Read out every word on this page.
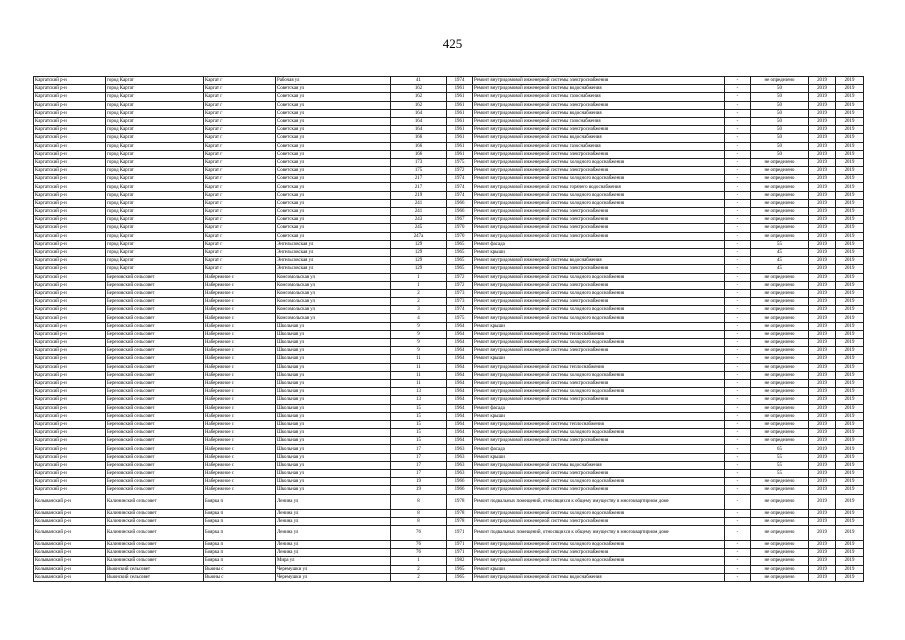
425
Каргатский р-н	город Каргат	Каргат г	Рабочая ул	41	1974	Ремонт внутридомовой инженерной системы электроснабжения	-	не определено	2019	2019
Каргатский р-н	город Каргат	Каргат г	Советская ул	162	1961	Ремонт внутридомовой инженерной системы водоснабжения	-	50	2019	2019
Каргатский р-н	город Каргат	Каргат г	Советская ул	162	1961	Ремонт внутридомовой инженерной системы газоснабжения	-	50	2019	2019
Каргатский р-н	город Каргат	Каргат г	Советская ул	162	1961	Ремонт внутридомовой инженерной системы электроснабжения	-	50	2019	2019
Каргатский р-н	город Каргат	Каргат г	Советская ул	164	1961	Ремонт внутридомовой инженерной системы водоснабжения	-	50	2019	2019
Каргатский р-н	город Каргат	Каргат г	Советская ул	164	1961	Ремонт внутридомовой инженерной системы газоснабжения	-	50	2019	2019
Каргатский р-н	город Каргат	Каргат г	Советская ул	164	1961	Ремонт внутридомовой инженерной системы электроснабжения	-	50	2019	2019
Каргатский р-н	город Каргат	Каргат г	Советская ул	166	1961	Ремонт внутридомовой инженерной системы водоснабжения	-	50	2019	2019
Каргатский р-н	город Каргат	Каргат г	Советская ул	166	1961	Ремонт внутридомовой инженерной системы газоснабжения	-	50	2019	2019
Каргатский р-н	город Каргат	Каргат г	Советская ул	166	1961	Ремонт внутридомовой инженерной системы электроснабжения	-	50	2019	2019
Каргатский р-н	город Каргат	Каргат г	Советская ул	173	1975	Ремонт внутридомовой инженерной системы холодного водоснабжения	-	не определено	2019	2019
Каргатский р-н	город Каргат	Каргат г	Советская ул	175	1972	Ремонт внутридомовой инженерной системы электроснабжения	-	не определено	2019	2019
Каргатский р-н	город Каргат	Каргат г	Советская ул	217	1974	Ремонт внутридомовой инженерной системы холодного водоснабжения	-	не определено	2019	2019
Каргатский р-н	город Каргат	Каргат г	Советская ул	217	1974	Ремонт внутридомовой инженерной системы горячего водоснабжения	-	не определено	2019	2019
Каргатский р-н	город Каргат	Каргат г	Советская ул	219	1974	Ремонт внутридомовой инженерной системы холодного водоснабжения	-	не определено	2019	2019
Каргатский р-н	город Каргат	Каргат г	Советская ул	241	1966	Ремонт внутридомовой инженерной системы холодного водоснабжения	-	не определено	2019	2019
Каргатский р-н	город Каргат	Каргат г	Советская ул	241	1966	Ремонт внутридомовой инженерной системы электроснабжения	-	не определено	2019	2019
Каргатский р-н	город Каргат	Каргат г	Советская ул	243	1967	Ремонт внутридомовой инженерной системы электроснабжения	-	не определено	2019	2019
Каргатский р-н	город Каргат	Каргат г	Советская ул	245	1970	Ремонт внутридомовой инженерной системы электроснабжения	-	не определено	2019	2019
Каргатский р-н	город Каргат	Каргат г	Советская ул	247а	1970	Ремонт внутридомовой инженерной системы электроснабжения	-	не определено	2019	2019
Каргатский р-н	город Каргат	Каргат г	Энгельсовская ул	129	1965	Ремонт фасада	-	55	2019	2019
Каргатский р-н	город Каргат	Каргат г	Энгельсовская ул	129	1965	Ремонт крыши	-	45	2019	2019
Каргатский р-н	город Каргат	Каргат г	Энгельсовская ул	129	1965	Ремонт внутридомовой инженерной системы водоснабжения	-	45	2019	2019
Каргатский р-н	город Каргат	Каргат г	Энгельсовская ул	129	1965	Ремонт внутридомовой инженерной системы электроснабжения	-	45	2019	2019
Каргатский р-н	Березовский сельсовет	Набережное с	Комсомольская ул	1	1972	Ремонт внутридомовой инженерной системы холодного водоснабжения	-	не определено	2019	2019
Каргатский р-н	Березовский сельсовет	Набережное с	Комсомольская ул	1	1972	Ремонт внутридомовой инженерной системы электроснабжения	-	не определено	2019	2019
Каргатский р-н	Березовский сельсовет	Набережное с	Комсомольская ул	2	1973	Ремонт внутридомовой инженерной системы холодного водоснабжения	-	не определено	2019	2019
Каргатский р-н	Березовский сельсовет	Набережное с	Комсомольская ул	2	1973	Ремонт внутридомовой инженерной системы электроснабжения	-	не определено	2019	2019
Каргатский р-н	Березовский сельсовет	Набережное с	Комсомольская ул	3	1974	Ремонт внутридомовой инженерной системы холодного водоснабжения	-	не определено	2019	2019
Каргатский р-н	Березовский сельсовет	Набережное с	Комсомольская ул	4	1975	Ремонт внутридомовой инженерной системы холодного водоснабжения	-	не определено	2019	2019
Каргатский р-н	Березовский сельсовет	Набережное с	Школьная ул	9	1964	Ремонт крыши	-	не определено	2019	2019
Каргатский р-н	Березовский сельсовет	Набережное с	Школьная ул	9	1964	Ремонт внутридомовой инженерной системы теплоснабжения	-	не определено	2019	2019
Каргатский р-н	Березовский сельсовет	Набережное с	Школьная ул	9	1964	Ремонт внутридомовой инженерной системы холодного водоснабжения	-	не определено	2019	2019
Каргатский р-н	Березовский сельсовет	Набережное с	Школьная ул	9	1964	Ремонт внутридомовой инженерной системы электроснабжения	-	не определено	2019	2019
Каргатский р-н	Березовский сельсовет	Набережное с	Школьная ул	11	1964	Ремонт крыши	-	не определено	2019	2019
Каргатский р-н	Березовский сельсовет	Набережное с	Школьная ул	11	1964	Ремонт внутридомовой инженерной системы теплоснабжения	-	не определено	2019	2019
Каргатский р-н	Березовский сельсовет	Набережное с	Школьная ул	11	1964	Ремонт внутридомовой инженерной системы холодного водоснабжения	-	не определено	2019	2019
Каргатский р-н	Березовский сельсовет	Набережное с	Школьная ул	11	1964	Ремонт внутридомовой инженерной системы электроснабжения	-	не определено	2019	2019
Каргатский р-н	Березовский сельсовет	Набережное с	Школьная ул	13	1964	Ремонт внутридомовой инженерной системы холодного водоснабжения	-	не определено	2019	2019
Каргатский р-н	Березовский сельсовет	Набережное с	Школьная ул	13	1964	Ремонт внутридомовой инженерной системы электроснабжения	-	не определено	2019	2019
Каргатский р-н	Березовский сельсовет	Набережное с	Школьная ул	15	1964	Ремонт фасада	-	не определено	2019	2019
Каргатский р-н	Березовский сельсовет	Набережное с	Школьная ул	15	1964	Ремонт крыши	-	не определено	2019	2019
Каргатский р-н	Березовский сельсовет	Набережное с	Школьная ул	15	1964	Ремонт внутридомовой инженерной системы теплоснабжения	-	не определено	2019	2019
Каргатский р-н	Березовский сельсовет	Набережное с	Школьная ул	15	1964	Ремонт внутридомовой инженерной системы холодного водоснабжения	-	не определено	2019	2019
Каргатский р-н	Березовский сельсовет	Набережное с	Школьная ул	15	1964	Ремонт внутридомовой инженерной системы электроснабжения	-	не определено	2019	2019
Каргатский р-н	Березовский сельсовет	Набережное с	Школьная ул	17	1963	Ремонт фасада	-	65	2019	2019
Каргатский р-н	Березовский сельсовет	Набережное с	Школьная ул	17	1963	Ремонт крыши	-	55	2019	2019
Каргатский р-н	Березовский сельсовет	Набережное с	Школьная ул	17	1963	Ремонт внутридомовой инженерной системы водоснабжения	-	55	2019	2019
Каргатский р-н	Березовский сельсовет	Набережное с	Школьная ул	17	1963	Ремонт внутридомовой инженерной системы электроснабжения	-	55	2019	2019
Каргатский р-н	Березовский сельсовет	Набережное с	Школьная ул	19	1966	Ремонт внутридомовой инженерной системы холодного водоснабжения	-	не определено	2019	2019
Каргатский р-н	Березовский сельсовет	Набережное с	Школьная ул	19	1966	Ремонт внутридомовой инженерной системы электроснабжения	-	не определено	2019	2019
Колыванский р-н	Калининский сельсовет	Боярка п	Ленина ул	8	1978	Ремонт подвальных помещений, относящихся к общему имуществу в многоквартирном доме	-	не определено	2019	2019
Колыванский р-н	Калининский сельсовет	Боярка п	Ленина ул	8	1978	Ремонт внутридомовой инженерной системы холодного водоснабжения	-	не определено	2019	2019
Колыванский р-н	Калининский сельсовет	Боярка п	Ленина ул	8	1978	Ремонт внутридомовой инженерной системы электроснабжения	-	не определено	2019	2019
Колыванский р-н	Калининский сельсовет	Боярка п	Ленина ул	76	1971	Ремонт подвальных помещений, относящихся к общему имуществу в многоквартирном доме	-	не определено	2019	2019
Колыванский р-н	Калининский сельсовет	Боярка п	Ленина ул	76	1971	Ремонт внутридомовой инженерной системы холодного водоснабжения	-	не определено	2019	2019
Колыванский р-н	Калининский сельсовет	Боярка п	Ленина ул	76	1971	Ремонт внутридомовой инженерной системы электроснабжения	-	не определено	2019	2019
Колыванский р-н	Калининский сельсовет	Боярка п	Мира ул	1	1982	Ремонт внутридомовой инженерной системы холодного водоснабжения	-	не определено	2019	2019
Колыванский р-н	Вьюнский сельсовет	Вьюны с	Черемушки ул	2	1965	Ремонт крыши	-	не определено	2019	2019
Колыванский р-н	Вьюнский сельсовет	Вьюны с	Черемушки ул	2	1965	Ремонт внутридомовой инженерной системы водоснабжения	-	не определено	2019	2019
